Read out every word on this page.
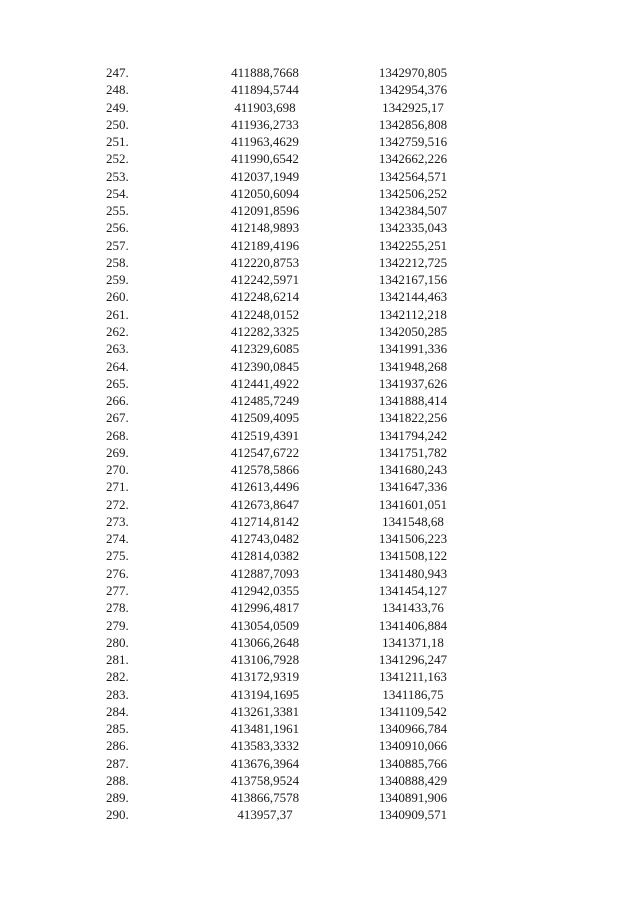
247.	411888,7668	1342970,805
248.	411894,5744	1342954,376
249.	411903,698	1342925,17
250.	411936,2733	1342856,808
251.	411963,4629	1342759,516
252.	411990,6542	1342662,226
253.	412037,1949	1342564,571
254.	412050,6094	1342506,252
255.	412091,8596	1342384,507
256.	412148,9893	1342335,043
257.	412189,4196	1342255,251
258.	412220,8753	1342212,725
259.	412242,5971	1342167,156
260.	412248,6214	1342144,463
261.	412248,0152	1342112,218
262.	412282,3325	1342050,285
263.	412329,6085	1341991,336
264.	412390,0845	1341948,268
265.	412441,4922	1341937,626
266.	412485,7249	1341888,414
267.	412509,4095	1341822,256
268.	412519,4391	1341794,242
269.	412547,6722	1341751,782
270.	412578,5866	1341680,243
271.	412613,4496	1341647,336
272.	412673,8647	1341601,051
273.	412714,8142	1341548,68
274.	412743,0482	1341506,223
275.	412814,0382	1341508,122
276.	412887,7093	1341480,943
277.	412942,0355	1341454,127
278.	412996,4817	1341433,76
279.	413054,0509	1341406,884
280.	413066,2648	1341371,18
281.	413106,7928	1341296,247
282.	413172,9319	1341211,163
283.	413194,1695	1341186,75
284.	413261,3381	1341109,542
285.	413481,1961	1340966,784
286.	413583,3332	1340910,066
287.	413676,3964	1340885,766
288.	413758,9524	1340888,429
289.	413866,7578	1340891,906
290.	413957,37	1340909,571
